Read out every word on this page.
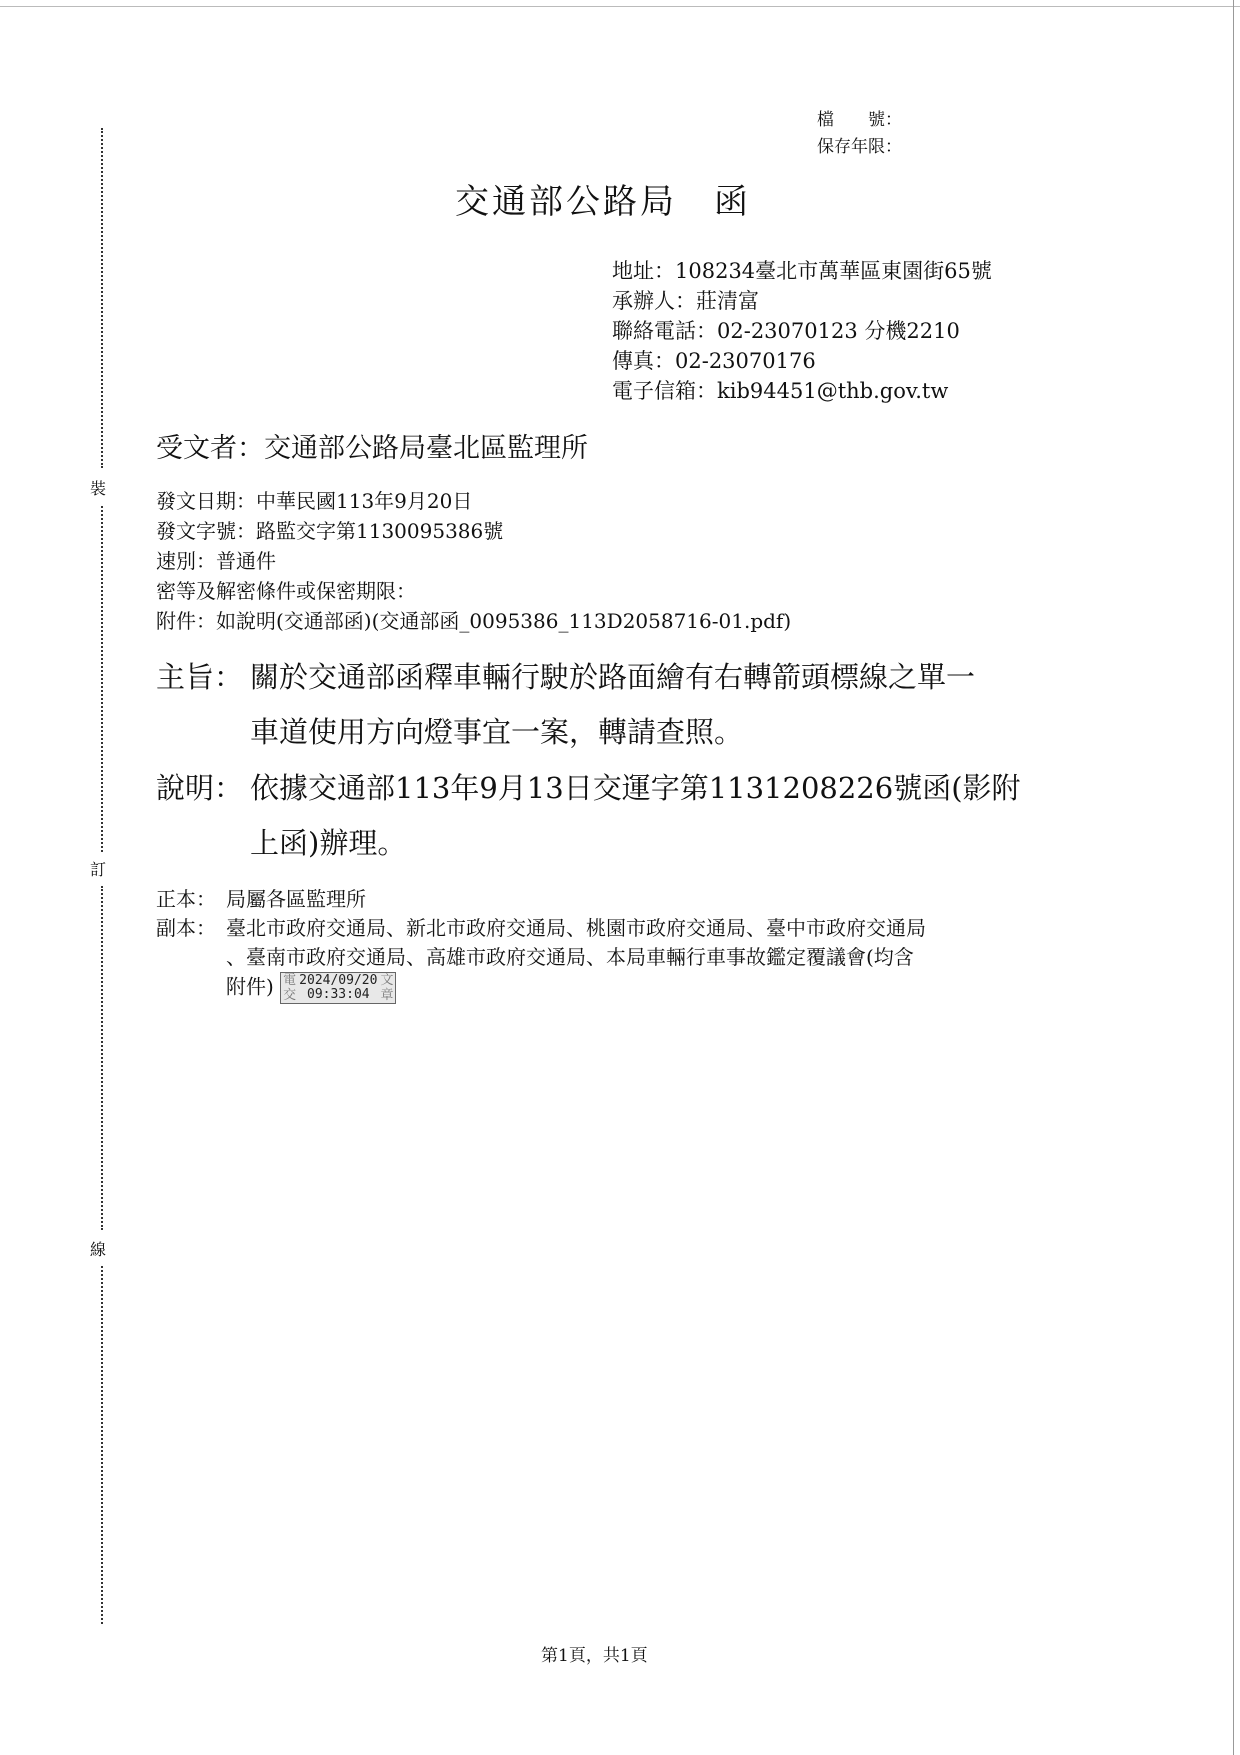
裝
訂
線
檔　　號：
保存年限：
交通部公路局　函
地址：108234臺北市萬華區東園街65號
承辦人：莊清富
聯絡電話：02-23070123 分機2210
傳真：02-23070176
電子信箱：kib94451@thb.gov.tw
受文者：交通部公路局臺北區監理所
發文日期：中華民國113年9月20日
發文字號：路監交字第1130095386號
速別：普通件
密等及解密條件或保密期限：
附件：如說明(交通部函)(交通部函_0095386_113D2058716-01.pdf)
主旨： 關於交通部函釋車輛行駛於路面繪有右轉箭頭標線之單一
車道使用方向燈事宜一案，轉請查照。
說明： 依據交通部113年9月13日交運字第1131208226號函(影附
上函)辦理。
正本： 局屬各區監理所
副本： 臺北市政府交通局、新北市政府交通局、桃園市政府交通局、臺中市政府交通局
、臺南市政府交通局、高雄市政府交通局、本局車輛行車事故鑑定覆議會(均含
附件) 電	文
交	章
2024/09/20
09:33:04
第1頁，共1頁
